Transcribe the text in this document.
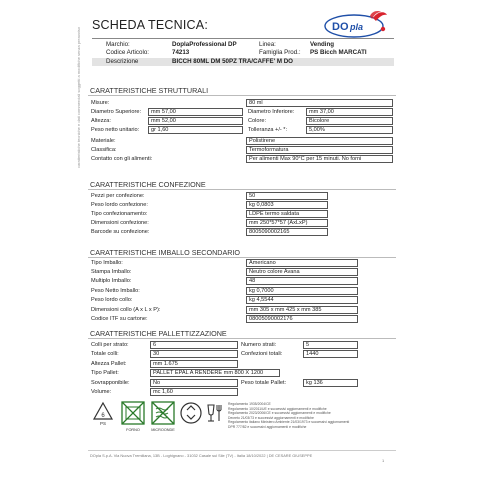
SCHEDA TECNICA:	DO pla
Marchio:	DoplaProfessional DP	Linea:	Vending
Codice Articolo:	74213	Famiglia Prod.: PS Bicch MARCATI
Descrizione	BICCH 80ML DM 50PZ TRA/CAFFE' M DO
caratteristiche tecniche e dati commerciali soggetti a modifiche senza preavviso CARATTERISTICHE STRUTTURALI
Misure:	80 ml
Diametro Superiore:	mm 57,00	Diametro Inferiore:	mm 37,00
Altezza:	mm 52,00	Colore:	Bicolore
Peso netto unitario:	gr 1,60	Tolleranza +/- *:	5,00%
Materiale:	Polistirene
Classifica:	Termoformatura
Contatto con gli alimenti:	Per alimenti Max 90°C per 15 minuti. No forni
CARATTERISTICHE CONFEZIONE
Pezzi per confezione:	50
Peso lordo confezione:	kg 0,0803
Tipo confezionamento:	LDPE termo saldata
Dimensioni confezione:	mm 250*57*57 (AxLxP)
Barcode su confezione:	8005090002165
CARATTERISTICHE IMBALLO SECONDARIO
Tipo Imballo:	Americano
Stampa Imballo:	Neutro colore Avana
Multiplo Imballo:	48
Peso Netto Imballo:	kg 0,7000
Peso lordo collo:	kg 4,5544
Dimensioni collo (A x L x P):	mm 305 x mm 425 x mm 385
Codice ITF su cartone:	08005090002176
CARATTERISTICHE PALLETTIZZAZIONE
Colli per strato:	6	Numero strati:	5
Totale colli:	30	Confezioni totali:	1440
Altezza Pallet:	mm 1.675
Tipo Pallet:	PALLET EPAL A RENDERE mm 800 X 1200
Sovrapponibile:	No	Peso totale Pallet:	kg 136
Volume:	mc 1,60
6
PS
FORNO	MICROONDE
Regolamento 1935/2004/CE
Regolamento 10/2011/UE e successivi aggiornamenti e modifiche
Regolamento 2023/2006/CE e successivi aggiornamenti e modifiche
Decreto 21/03/73 e successivi aggiornamenti e modifiche
Regolamento italiano Ministero Ambiente 21/03/1973 e successivi aggiornamenti
DPR 777/82 e successivi aggiornamenti e modifiche
DOpla S.p.A. Via Nuova Tremiliana, 13B - Loghignano - 31032 Casale sul Sile (TV) - Italia 18/10/2022 | DE CESARE GIUSEPPE
1
